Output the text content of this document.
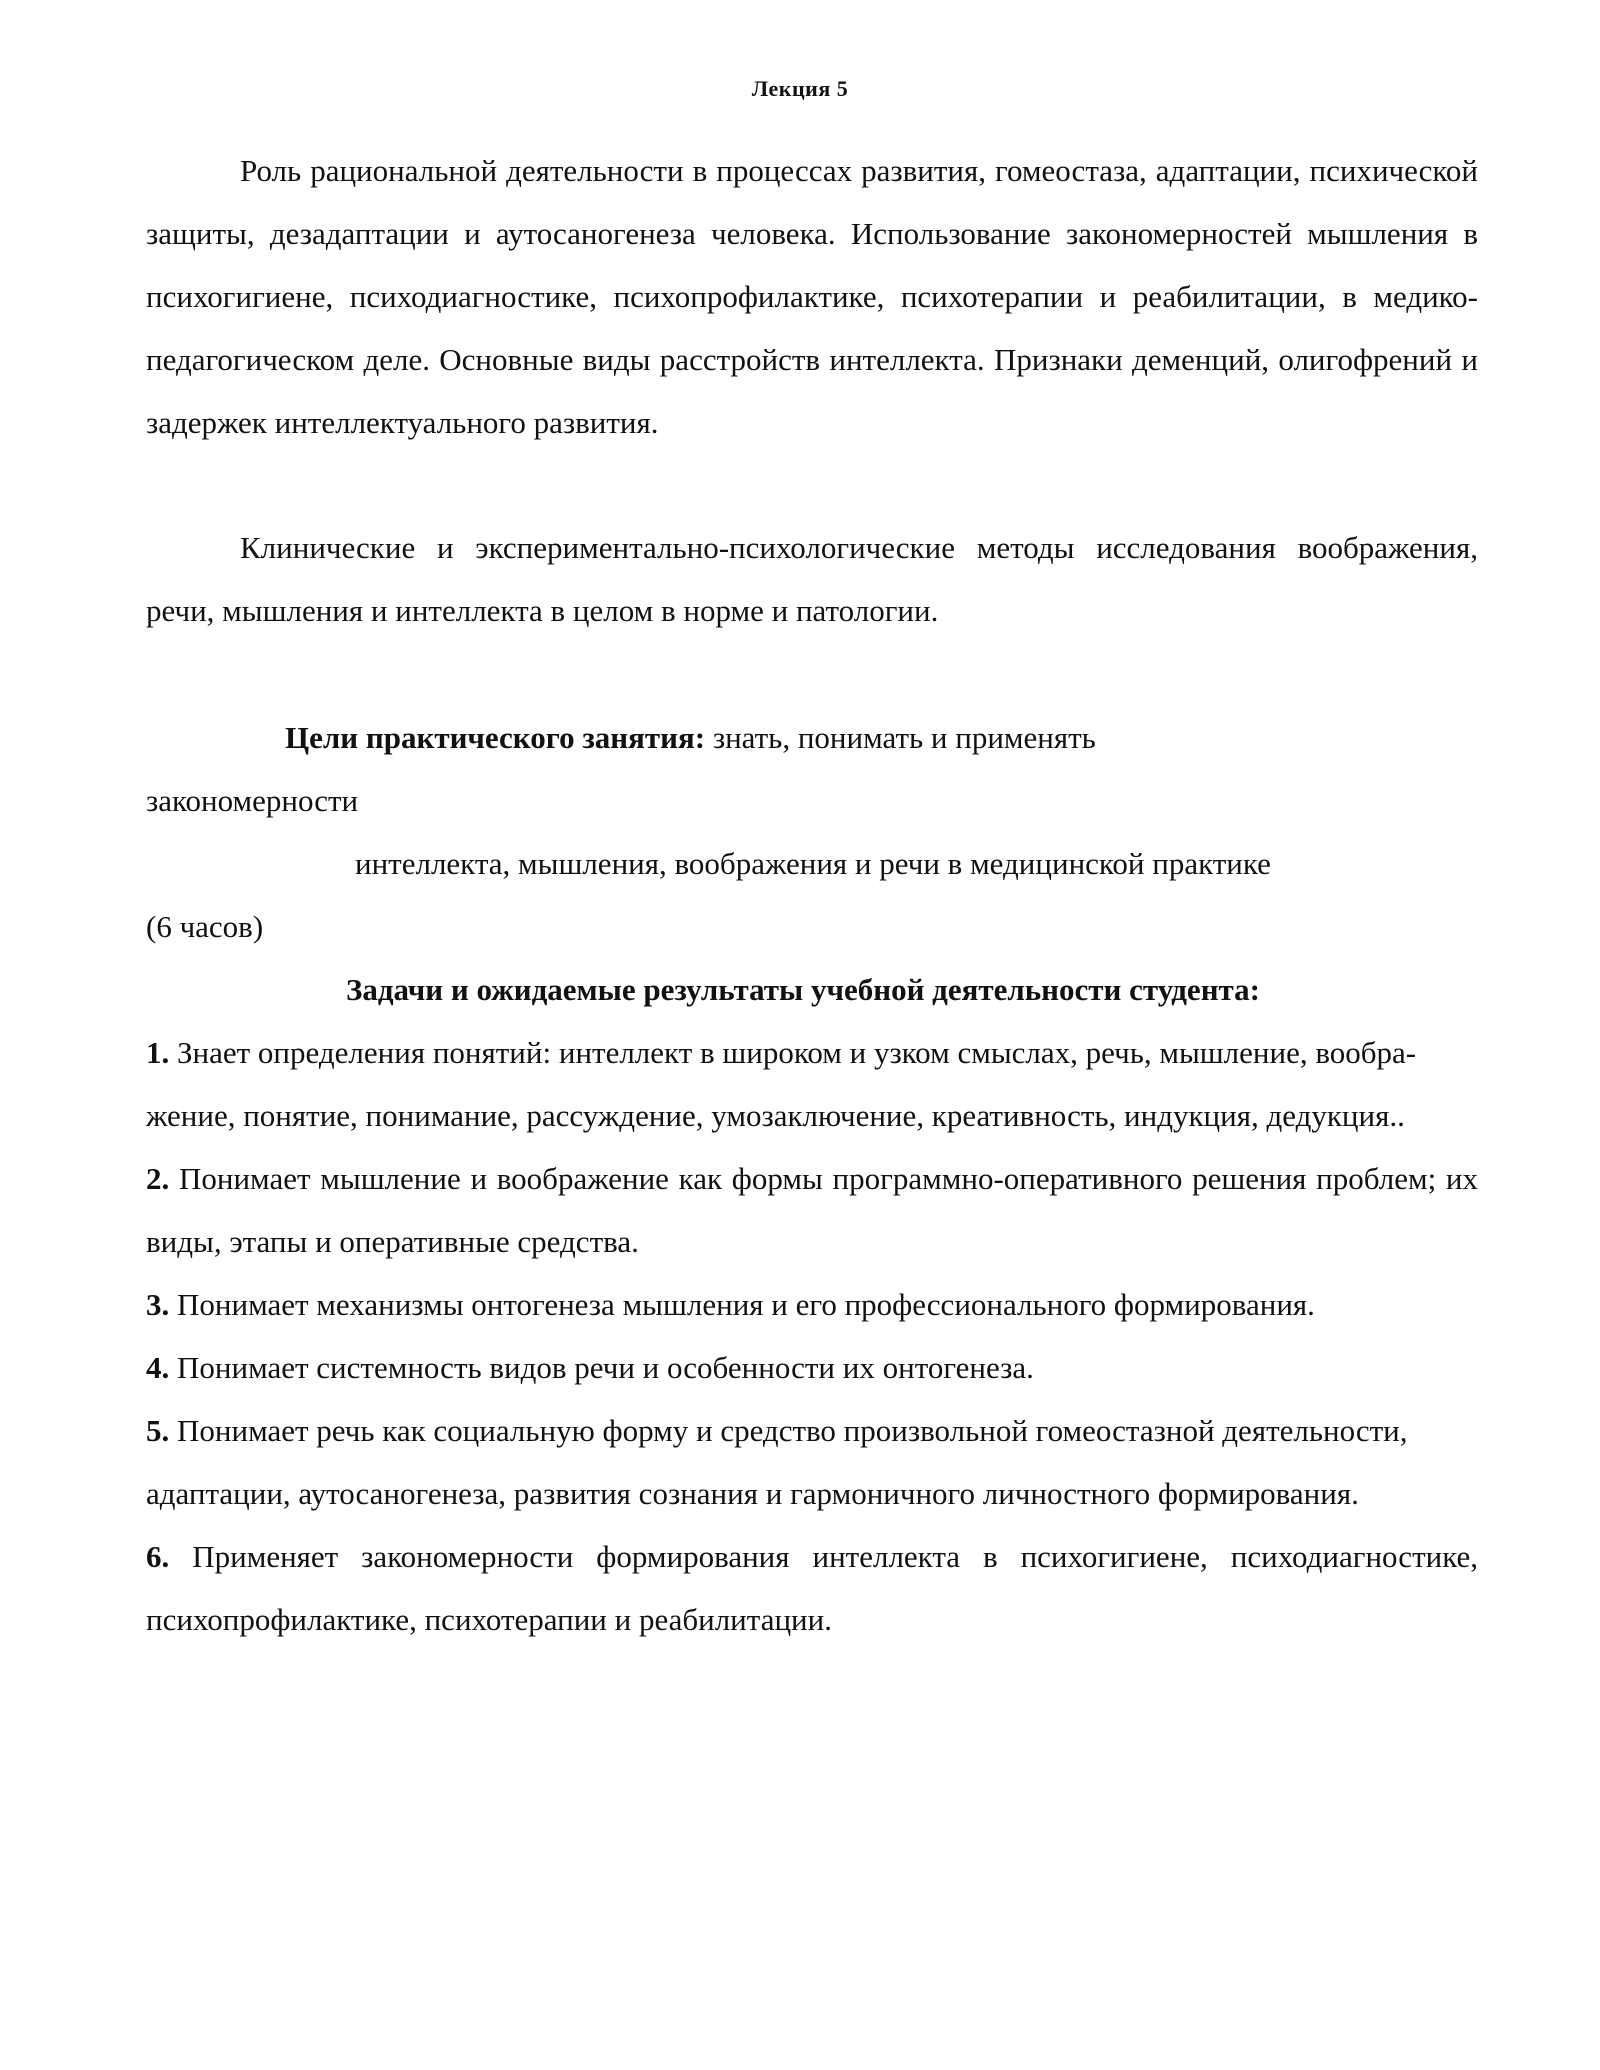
Лекция 5

Роль рациональной деятельности в процессах развития, гомеостаза, адаптации, психической защиты, дезадаптации и аутосаногенеза человека. Использование закономерностей мышления в психогигиене, психодиагностике, психопрофилактике, психотерапии и реабилитации, в медико-педагогическом деле. Основные виды расстройств интеллекта. Признаки деменций, олигофрений и задержек интеллектуального развития.

Клинические и экспериментально-психологические методы исследования воображения, речи, мышления и интеллекта в целом в норме и патологии.

Цели практического занятия: знать, понимать и применять
закономерности
интеллекта, мышления, воображения и речи в медицинской практике
(6 часов)
Задачи и ожидаемые результаты учебной деятельности студента:
1. Знает определения понятий: интеллект в широком и узком смыслах, речь, мышление, вообра-жение, понятие, понимание, рассуждение, умозаключение, креативность, индукция, дедукция..
2. Понимает мышление и воображение как формы программно-оперативного решения проблем; их виды, этапы и оперативные средства.
3. Понимает механизмы онтогенеза мышления и его профессионального формирования.
4. Понимает системность видов речи и особенности их онтогенеза.
5. Понимает речь как социальную форму и средство произвольной гомеостазной деятельности, адаптации, аутосаногенеза, развития сознания и гармоничного личностного формирования.
6. Применяет закономерности формирования интеллекта в психогигиене, психодиагностике, психопрофилактике, психотерапии и реабилитации.
